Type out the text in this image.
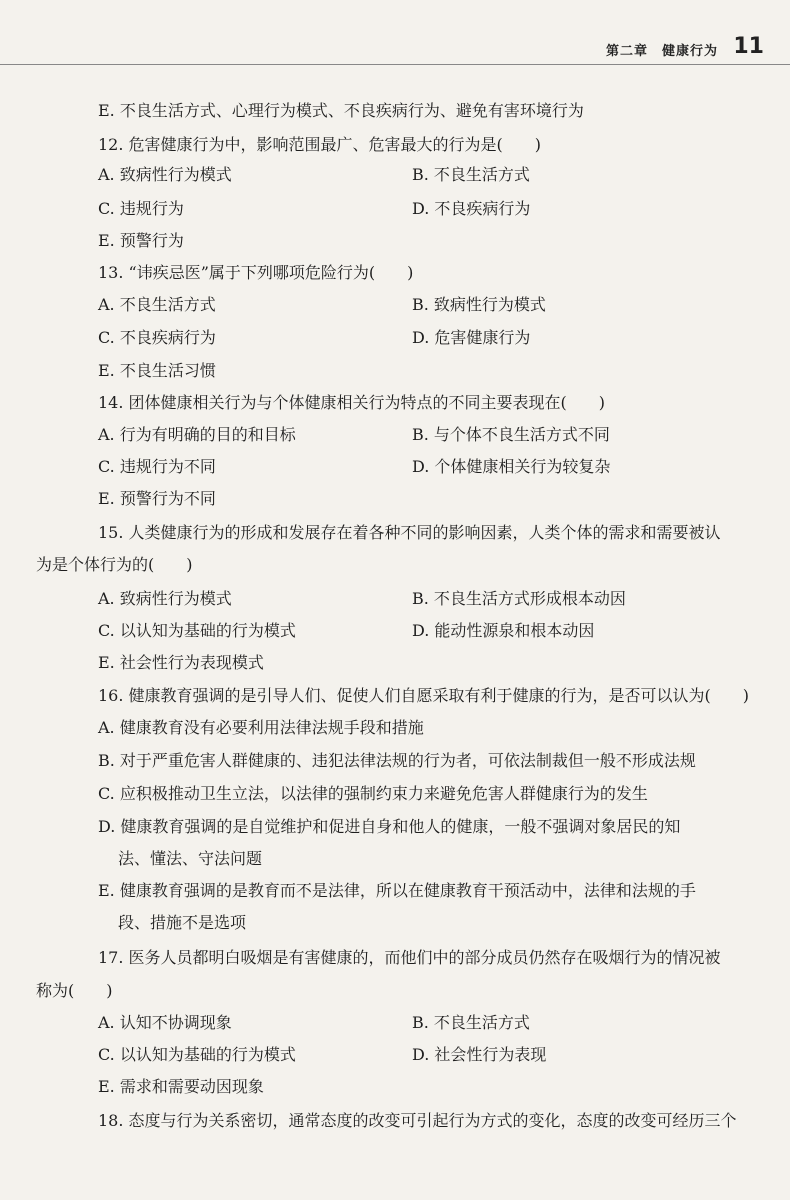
第二章　健康行为 11
E. 不良生活方式、心理行为模式、不良疾病行为、避免有害环境行为
12. 危害健康行为中，影响范围最广、危害最大的行为是(　　)
A. 致病性行为模式	B. 不良生活方式
C. 违规行为	D. 不良疾病行为
E. 预警行为
13. “讳疾忌医”属于下列哪项危险行为(　　)
A. 不良生活方式	B. 致病性行为模式
C. 不良疾病行为	D. 危害健康行为
E. 不良生活习惯
14. 团体健康相关行为与个体健康相关行为特点的不同主要表现在(　　)
A. 行为有明确的目的和目标	B. 与个体不良生活方式不同
C. 违规行为不同	D. 个体健康相关行为较复杂
E. 预警行为不同
15. 人类健康行为的形成和发展存在着各种不同的影响因素，人类个体的需求和需要被认
为是个体行为的(　　)
A. 致病性行为模式	B. 不良生活方式形成根本动因
C. 以认知为基础的行为模式	D. 能动性源泉和根本动因
E. 社会性行为表现模式
16. 健康教育强调的是引导人们、促使人们自愿采取有利于健康的行为，是否可以认为(　　)
A. 健康教育没有必要利用法律法规手段和措施
B. 对于严重危害人群健康的、违犯法律法规的行为者，可依法制裁但一般不形成法规
C. 应积极推动卫生立法，以法律的强制约束力来避免危害人群健康行为的发生
D. 健康教育强调的是自觉维护和促进自身和他人的健康，一般不强调对象居民的知
法、懂法、守法问题
E. 健康教育强调的是教育而不是法律，所以在健康教育干预活动中，法律和法规的手
段、措施不是选项
17. 医务人员都明白吸烟是有害健康的，而他们中的部分成员仍然存在吸烟行为的情况被
称为(　　)
A. 认知不协调现象	B. 不良生活方式
C. 以认知为基础的行为模式	D. 社会性行为表现
E. 需求和需要动因现象
18. 态度与行为关系密切，通常态度的改变可引起行为方式的变化，态度的改变可经历三个
